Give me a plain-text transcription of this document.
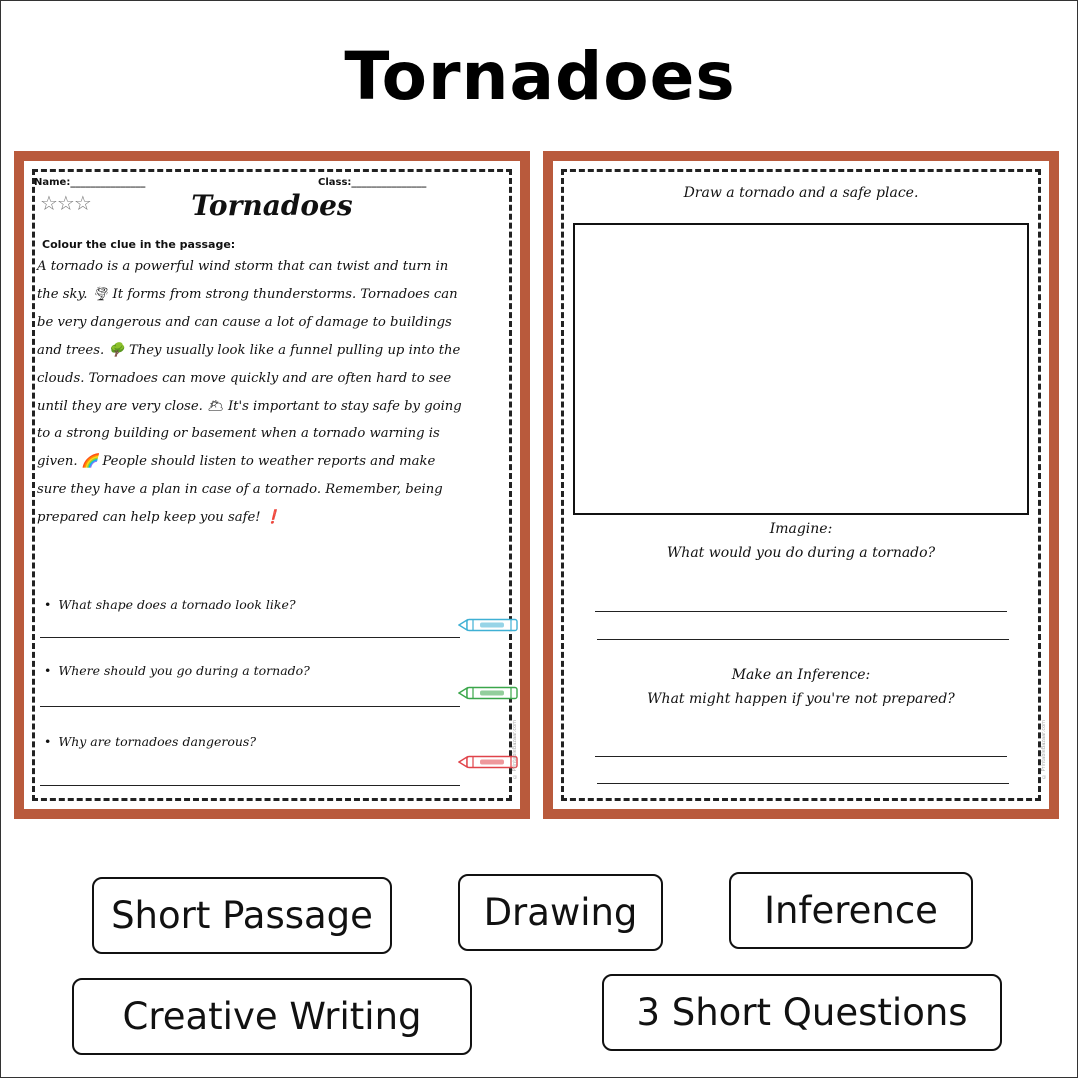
Tornadoes
Name:_______________	Class:_______________
☆☆☆	Tornadoes
Colour the clue in the passage:
A tornado is a powerful wind storm that can twist and turn in
the sky. 🌪 It forms from strong thunderstorms. Tornadoes can
be very dangerous and can cause a lot of damage to buildings
and trees. 🌳 They usually look like a funnel pulling up into the
clouds. Tornadoes can move quickly and are often hard to see
until they are very close. 🌥 It's important to stay safe by going
to a strong building or basement when a tornado warning is
given. 🌈 People should listen to weather reports and make
sure they have a plan in case of a tornado. Remember, being
prepared can help keep you safe! ❗
• What shape does a tornado look like?
• Where should you go during a tornado?
• Why are tornadoes dangerous?	© PrintableBazaar.com
Draw a tornado and a safe place.
Imagine:
What would you do during a tornado?
Make an Inference:
What might happen if you're not prepared?
© PrintableBazaar.com
Short Passage	Drawing	Inference
Creative Writing	3 Short Questions
